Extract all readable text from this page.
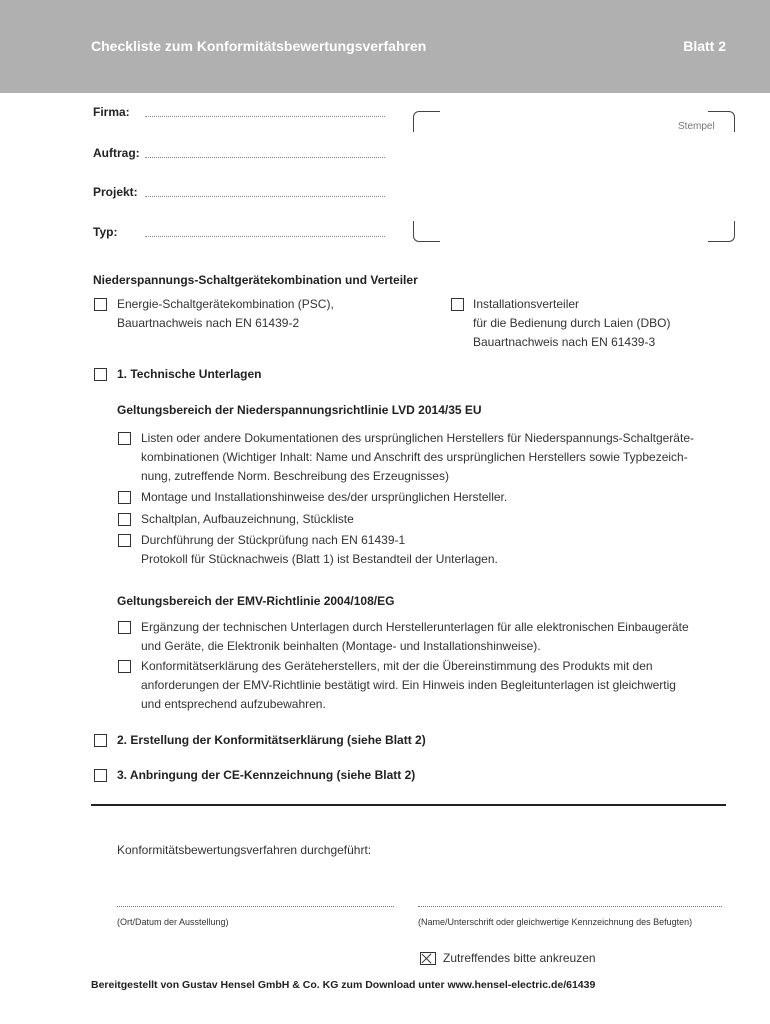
Checkliste zum Konformitätsbewertungsverfahren	Blatt 2
Firma:
Auftrag:
Projekt:
Typ:
Stempel
Niederspannungs-Schaltgerätekombination und Verteiler
Energie-Schaltgerätekombination (PSC),
Bauartnachweis nach EN 61439-2
Installationsverteiler
für die Bedienung durch Laien (DBO)
Bauartnachweis nach EN 61439-3
1. Technische Unterlagen
Geltungsbereich der Niederspannungsrichtlinie LVD 2014/35 EU
Listen oder andere Dokumentationen des ursprünglichen Herstellers für Niederspannungs-Schaltgeräte-
kombinationen (Wichtiger Inhalt: Name und Anschrift des ursprünglichen Herstellers sowie Typbezeich-
nung, zutreffende Norm. Beschreibung des Erzeugnisses)
Montage und Installationshinweise des/der ursprünglichen Hersteller.
Schaltplan, Aufbauzeichnung, Stückliste
Durchführung der Stückprüfung nach EN 61439-1
Protokoll für Stücknachweis (Blatt 1) ist Bestandteil der Unterlagen.
Geltungsbereich der EMV-Richtlinie 2004/108/EG
Ergänzung der technischen Unterlagen durch Herstellerunterlagen für alle elektronischen Einbaugeräte
und Geräte, die Elektronik beinhalten (Montage- und Installationshinweise).
Konformitätserklärung des Geräteherstellers, mit der die Übereinstimmung des Produkts mit den
anforderungen der EMV-Richtlinie bestätigt wird. Ein Hinweis inden Begleitunterlagen ist gleichwertig
und entsprechend aufzubewahren.
2. Erstellung der Konformitätserklärung (siehe Blatt 2)
3. Anbringung der CE-Kennzeichnung (siehe Blatt 2)
Konformitätsbewertungsverfahren durchgeführt:
(Ort/Datum der Ausstellung)	(Name/Unterschrift oder gleichwertige Kennzeichnung des Befugten)
Zutreffendes bitte ankreuzen
Bereitgestellt von Gustav Hensel GmbH & Co. KG zum Download unter www.hensel-electric.de/61439
